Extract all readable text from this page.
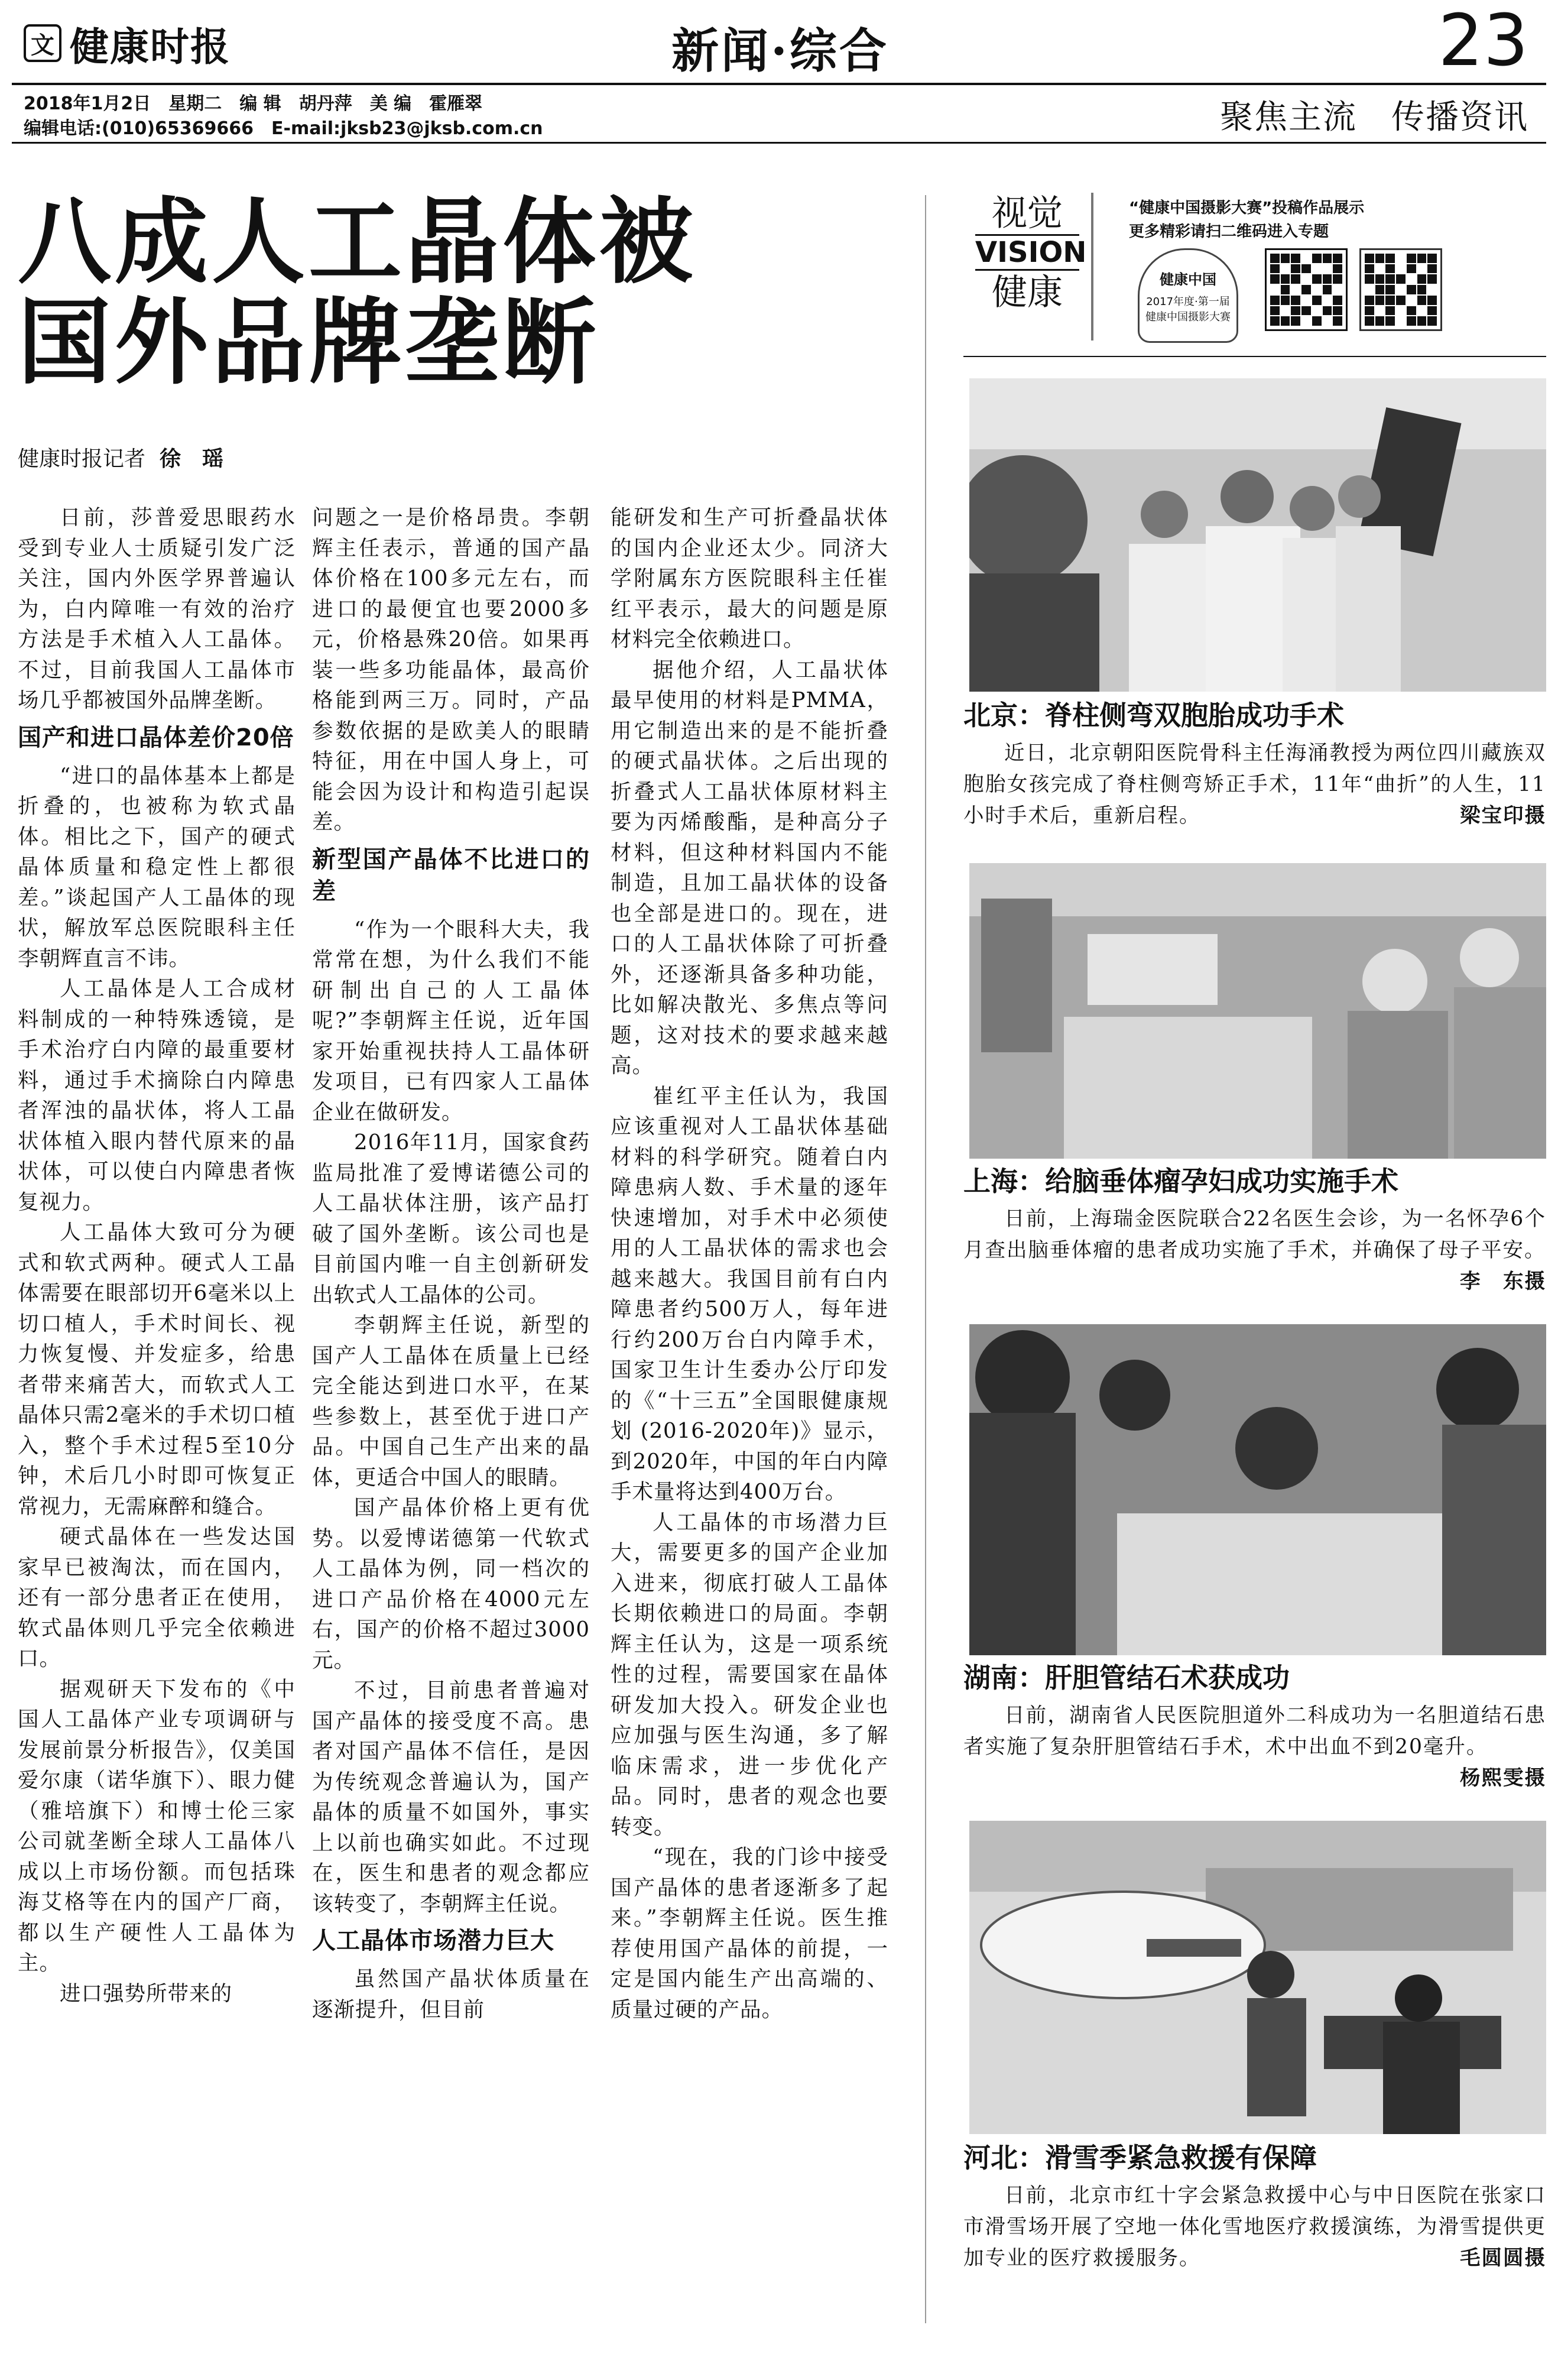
文 健康时报	新闻·综合	23
2018年1月2日　星期二　编 辑　胡丹萍　美 编　霍雁翠
编辑电话:(010)65369666　E-mail:jksb23@jksb.com.cn	聚焦主流　传播资讯
八成人工晶体被
国外品牌垄断
健康时报记者 徐　瑶

日前，莎普爱思眼药水受到专业人士质疑引发广泛关注，国内外医学界普遍认为，白内障唯一有效的治疗方法是手术植入人工晶体。不过，目前我国人工晶体市场几乎都被国外品牌垄断。

国产和进口晶体差价20倍

“进口的晶体基本上都是折叠的，也被称为软式晶体。相比之下，国产的硬式晶体质量和稳定性上都很差。”谈起国产人工晶体的现状，解放军总医院眼科主任李朝辉直言不讳。

人工晶体是人工合成材料制成的一种特殊透镜，是手术治疗白内障的最重要材料，通过手术摘除白内障患者浑浊的晶状体，将人工晶状体植入眼内替代原来的晶状体，可以使白内障患者恢复视力。

人工晶体大致可分为硬式和软式两种。硬式人工晶体需要在眼部切开6毫米以上切口植人，手术时间长、视力恢复慢、并发症多，给患者带来痛苦大，而软式人工晶体只需2毫米的手术切口植入，整个手术过程5至10分钟，术后几小时即可恢复正常视力，无需麻醉和缝合。

硬式晶体在一些发达国家早已被淘汰，而在国内，还有一部分患者正在使用，软式晶体则几乎完全依赖进口。

据观研天下发布的《中国人工晶体产业专项调研与发展前景分析报告》，仅美国爱尔康（诺华旗下）、眼力健（雅培旗下）和博士伦三家公司就垄断全球人工晶体八成以上市场份额。而包括珠海艾格等在内的国产厂商，都以生产硬性人工晶体为主。

进口强势所带来的

问题之一是价格昂贵。李朝辉主任表示，普通的国产晶体价格在100多元左右，而进口的最便宜也要2000多元，价格悬殊20倍。如果再装一些多功能晶体，最高价格能到两三万。同时，产品参数依据的是欧美人的眼睛特征，用在中国人身上，可能会因为设计和构造引起误差。

新型国产晶体不比进口的差

“作为一个眼科大夫，我常常在想，为什么我们不能研制出自己的人工晶体呢?”李朝辉主任说，近年国家开始重视扶持人工晶体研发项目，已有四家人工晶体企业在做研发。

2016年11月，国家食药监局批准了爱博诺德公司的人工晶状体注册，该产品打破了国外垄断。该公司也是目前国内唯一自主创新研发出软式人工晶体的公司。

李朝辉主任说，新型的国产人工晶体在质量上已经完全能达到进口水平，在某些参数上，甚至优于进口产品。中国自己生产出来的晶体，更适合中国人的眼睛。

国产晶体价格上更有优势。以爱博诺德第一代软式人工晶体为例，同一档次的进口产品价格在4000元左右，国产的价格不超过3000元。

不过，目前患者普遍对国产晶体的接受度不高。患者对国产晶体不信任，是因为传统观念普遍认为，国产晶体的质量不如国外，事实上以前也确实如此。不过现在，医生和患者的观念都应该转变了，李朝辉主任说。

人工晶体市场潜力巨大

虽然国产晶状体质量在逐渐提升，但目前

能研发和生产可折叠晶状体的国内企业还太少。同济大学附属东方医院眼科主任崔红平表示，最大的问题是原材料完全依赖进口。

据他介绍，人工晶状体最早使用的材料是PMMA，用它制造出来的是不能折叠的硬式晶状体。之后出现的折叠式人工晶状体原材料主要为丙烯酸酯，是种高分子材料，但这种材料国内不能制造，且加工晶状体的设备也全部是进口的。现在，进口的人工晶状体除了可折叠外，还逐渐具备多种功能，比如解决散光、多焦点等问题，这对技术的要求越来越高。

崔红平主任认为，我国应该重视对人工晶状体基础材料的科学研究。随着白内障患病人数、手术量的逐年快速增加，对手术中必须使用的人工晶状体的需求也会越来越大。我国目前有白内障患者约500万人，每年进行约200万台白内障手术，国家卫生计生委办公厅印发的《“十三五”全国眼健康规划 (2016-2020年)》显示，到2020年，中国的年白内障手术量将达到400万台。

人工晶体的市场潜力巨大，需要更多的国产企业加入进来，彻底打破人工晶体长期依赖进口的局面。李朝辉主任认为，这是一项系统性的过程，需要国家在晶体研发加大投入。研发企业也应加强与医生沟通，多了解临床需求，进一步优化产品。同时，患者的观念也要转变。

“现在，我的门诊中接受国产晶体的患者逐渐多了起来。”李朝辉主任说。医生推荐使用国产晶体的前提，一定是国内能生产出高端的、质量过硬的产品。

视觉
VISION
健康
“健康中国摄影大赛”投稿作品展示
更多精彩请扫二维码进入专题
健康中国
2017年度·第一届 健康中国摄影大赛
北京：脊柱侧弯双胞胎成功手术
近日，北京朝阳医院骨科主任海涌教授为两位四川藏族双胞胎女孩完成了脊柱侧弯矫正手术，11年“曲折”的人生，11小时手术后，重新启程。	梁宝印摄
上海：给脑垂体瘤孕妇成功实施手术
日前，上海瑞金医院联合22名医生会诊，为一名怀孕6个月查出脑垂体瘤的患者成功实施了手术，并确保了母子平安。
李　东摄
湖南：肝胆管结石术获成功
日前，湖南省人民医院胆道外二科成功为一名胆道结石患者实施了复杂肝胆管结石手术，术中出血不到20毫升。
杨熙雯摄
河北：滑雪季紧急救援有保障
日前，北京市红十字会紧急救援中心与中日医院在张家口市滑雪场开展了空地一体化雪地医疗救援演练，为滑雪提供更加专业的医疗救援服务。	毛圆圆摄
